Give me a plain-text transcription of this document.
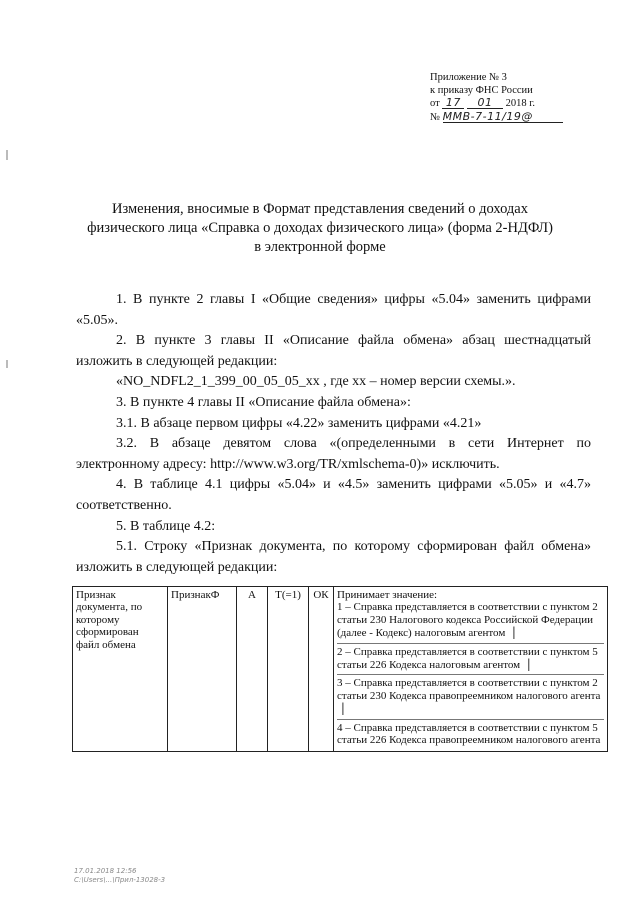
Приложение № 3
к приказу ФНС России
от 17 01 2018 г.
№ ММВ-7-11/19@
Изменения, вносимые в Формат представления сведений о доходах
физического лица «Справка о доходах физического лица» (форма 2-НДФЛ)
в электронной форме

1. В пункте 2 главы I «Общие сведения» цифры «5.04» заменить цифрами «5.05».

2. В пункте 3 главы II «Описание файла обмена» абзац шестнадцатый изложить в следующей редакции:

«NO_NDFL2_1_399_00_05_05_xx , где xx – номер версии схемы.».

3. В пункте 4 главы II «Описание файла обмена»:

3.1. В абзаце первом цифры «4.22» заменить цифрами «4.21»

3.2. В абзаце девятом слова «(определенными в сети Интернет по электронному адресу: http://www.w3.org/TR/xmlschema-0)» исключить.

4. В таблице 4.1 цифры «5.04» и «4.5» заменить цифрами «5.05» и «4.7» соответственно.

5. В таблице 4.2:

5.1. Строку «Признак документа, по которому сформирован файл обмена» изложить в следующей редакции:

Признак документа, по которому сформирован файл обмена	ПризнакФ	А	Т(=1)	ОК	Принимает значение:
1 – Справка представляется в соответствии с пунктом 2 статьи 230 Налогового кодекса Российской Федерации (далее - Кодекс) налоговым агентом  |
2 – Справка представляется в соответствии с пунктом 5 статьи 226 Кодекса налоговым агентом  |
3 – Справка представляется в соответствии с пунктом 2 статьи 230 Кодекса правопреемником налогового агента  |
4 – Справка представляется в соответствии с пунктом 5 статьи 226 Кодекса правопреемником налогового агента
17.01.2018 12:56
C:\Users\...\Прил-13028-3
